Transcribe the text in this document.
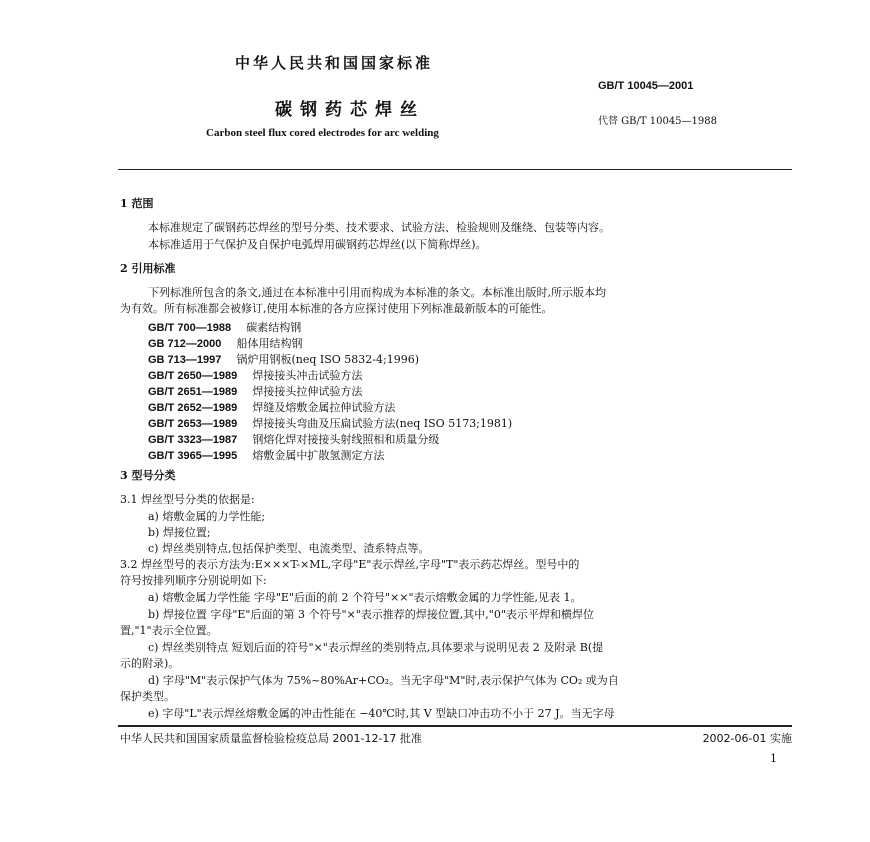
中华人民共和国国家标准
GB/T 10045—2001
碳钢药芯焊丝
代替 GB/T 10045—1988
Carbon steel flux cored electrodes for arc welding
1 范围
本标准规定了碳钢药芯焊丝的型号分类、技术要求、试验方法、检验规则及继绕、包装等内容。
本标准适用于气保护及自保护电弧焊用碳钢药芯焊丝(以下简称焊丝)。
2 引用标准
下列标准所包含的条文,通过在本标准中引用而构成为本标准的条文。本标准出版时,所示版本均
为有效。所有标准都会被修订,使用本标准的各方应探讨使用下列标准最新版本的可能性。
GB/T 700—1988 碳素结构钢
GB 712—2000 船体用结构钢
GB 713—1997 锅炉用钢板(neq ISO 5832-4;1996)
GB/T 2650—1989 焊接接头冲击试验方法
GB/T 2651—1989 焊接接头拉伸试验方法
GB/T 2652—1989 焊缝及熔敷金属拉伸试验方法
GB/T 2653—1989 焊接接头弯曲及压扁试验方法(neq ISO 5173;1981)
GB/T 3323—1987 钢熔化焊对接接头射线照相和质量分级
GB/T 3965—1995 熔敷金属中扩散氢测定方法
3 型号分类
3.1 焊丝型号分类的依据是:
a) 熔敷金属的力学性能;
b) 焊接位置;
c) 焊丝类别特点,包括保护类型、电流类型、渣系特点等。
3.2 焊丝型号的表示方法为:E×××T-×ML,字母"E"表示焊丝,字母"T"表示药芯焊丝。型号中的
符号按排列顺序分别说明如下:
a) 熔敷金属力学性能 字母"E"后面的前 2 个符号"××"表示熔敷金属的力学性能,见表 1。
b) 焊接位置 字母"E"后面的第 3 个符号"×"表示推荐的焊接位置,其中,"0"表示平焊和横焊位
置,"1"表示全位置。
c) 焊丝类别特点 短划后面的符号"×"表示焊丝的类别特点,具体要求与说明见表 2 及附录 B(提
示的附录)。
d) 字母"M"表示保护气体为 75%~80%Ar+CO₂。当无字母"M"时,表示保护气体为 CO₂ 或为自
保护类型。
e) 字母"L"表示焊丝熔敷金属的冲击性能在 −40℃时,其 V 型缺口冲击功不小于 27 J。当无字母
中华人民共和国国家质量监督检验检疫总局 2001-12-17 批准	2002-06-01 实施
1
